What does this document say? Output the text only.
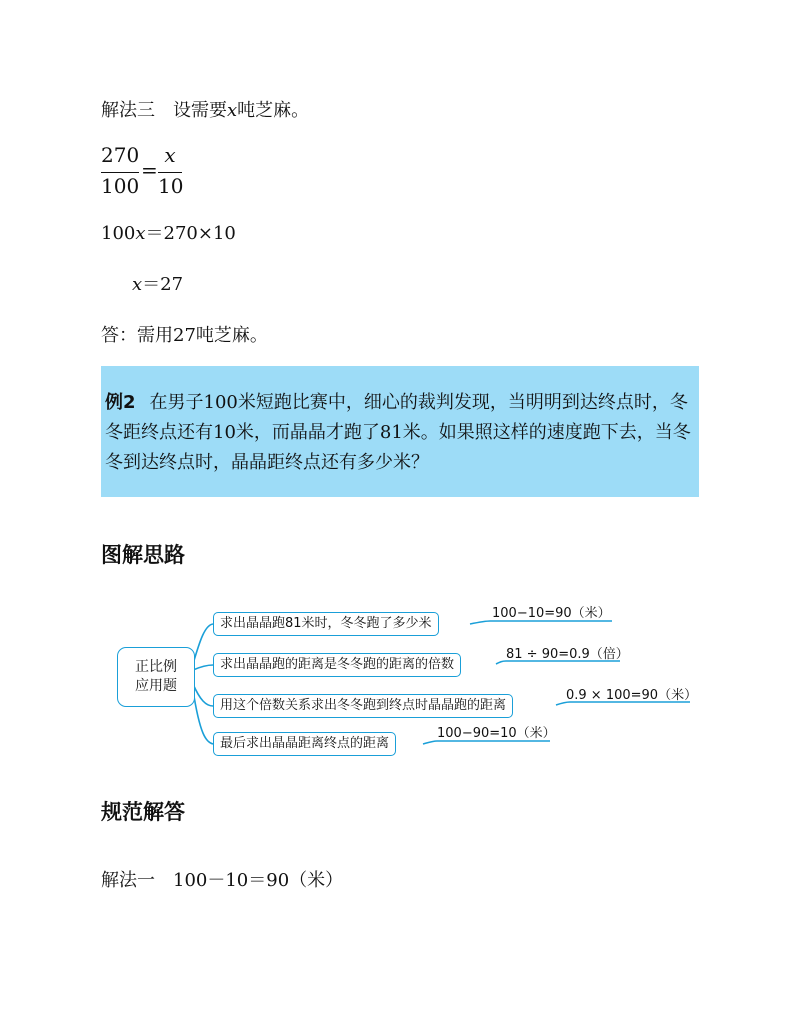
解法三　设需要x吨芝麻。
270
100
=
x
10
100x＝270×10
x＝27
答：需用27吨芝麻。
例2 在男子100米短跑比赛中，细心的裁判发现，当明明到达终点时，冬冬距终点还有10米，而晶晶才跑了81米。如果照这样的速度跑下去，当冬冬到达终点时，晶晶距终点还有多少米？
图解思路
正比例
应用题
求出晶晶跑81米时，冬冬跑了多少米
求出晶晶跑的距离是冬冬跑的距离的倍数
用这个倍数关系求出冬冬跑到终点时晶晶跑的距离
最后求出晶晶距离终点的距离
100−10=90（米）
81 ÷ 90=0.9（倍）
0.9 × 100=90（米）
100−90=10（米）
规范解答
解法一　100－10＝90（米）
